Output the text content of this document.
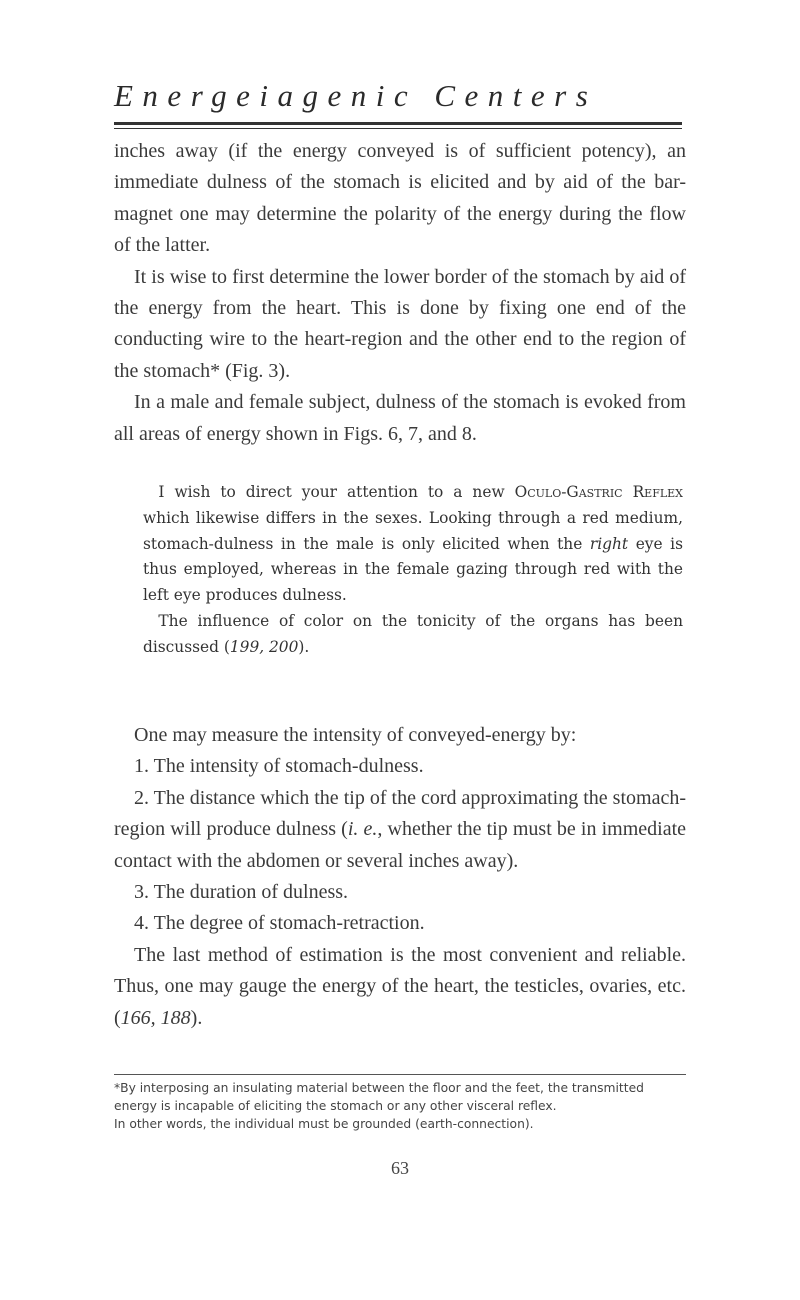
Energeiagenic Centers

inches away (if the energy conveyed is of sufficient potency), an immediate dulness of the stomach is elicited and by aid of the bar-magnet one may determine the polarity of the energy during the flow of the latter.

It is wise to first determine the lower border of the stomach by aid of the energy from the heart. This is done by fixing one end of the conducting wire to the heart-region and the other end to the region of the stomach* (Fig. 3).

In a male and female subject, dulness of the stomach is evoked from all areas of energy shown in Figs. 6, 7, and 8.

I wish to direct your attention to a new Oculo-Gastric Reflex which likewise differs in the sexes. Looking through a red medium, stomach-dulness in the male is only elicited when the right eye is thus employed, whereas in the female gazing through red with the left eye produces dulness.

The influence of color on the tonicity of the organs has been discussed (199, 200).

One may measure the intensity of conveyed-energy by:

1. The intensity of stomach-dulness.

2. The distance which the tip of the cord approximating the stomach-region will produce dulness (i. e., whether the tip must be in immediate contact with the abdomen or several inches away).

3. The duration of dulness.

4. The degree of stomach-retraction.

The last method of estimation is the most convenient and reliable. Thus, one may gauge the energy of the heart, the testicles, ovaries, etc. (166, 188).

*By interposing an insulating material between the floor and the feet, the transmitted energy is incapable of eliciting the stomach or any other visceral reflex.

In other words, the individual must be grounded (earth-connection).

63
